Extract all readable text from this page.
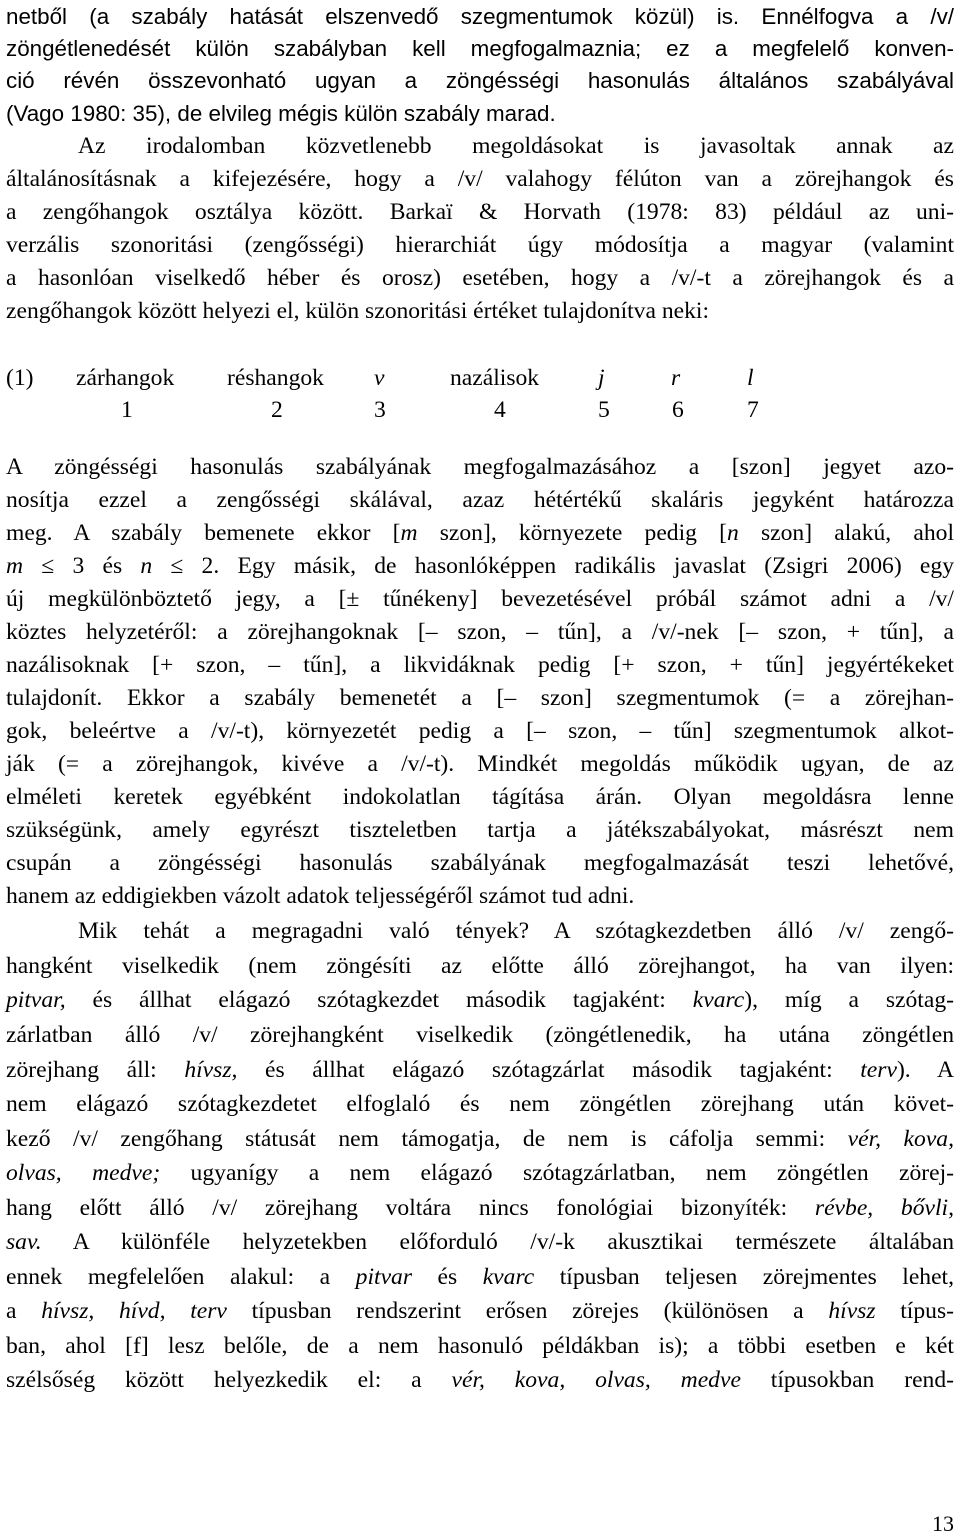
netből (a szabály hatását elszenvedő szegmentumok közül) is. Ennélfogva a /v/
zöngétlenedését külön szabályban kell megfogalmaznia; ez a megfelelő konven-
ció révén összevonható ugyan a zöngésségi hasonulás általános szabályával
(Vago 1980: 35), de elvileg mégis külön szabály marad.
Az irodalomban közvetlenebb megoldásokat is javasoltak annak az
általánosításnak a kifejezésére, hogy a /v/ valahogy félúton van a zörejhangok és
a zengőhangok osztálya között. Barkaï & Horvath (1978: 83) például az uni-
verzális szonoritási (zengősségi) hierarchiát úgy módosítja a magyar (valamint
a hasonlóan viselkedő héber és orosz) esetében, hogy a /v/-t a zörejhangok és a
zengőhangok között helyezi el, külön szonoritási értéket tulajdonítva neki:
(1) zárhangok réshangok v	nazálisok j	r	l
1	2	3	4	5	6	7
A zöngésségi hasonulás szabályának megfogalmazásához a [szon] jegyet azo-
nosítja ezzel a zengősségi skálával, azaz hétértékű skaláris jegyként határozza
meg. A szabály bemenete ekkor [m szon], környezete pedig [n szon] alakú, ahol
m ≤ 3 és n ≤ 2. Egy másik, de hasonlóképpen radikális javaslat (Zsigri 2006) egy
új megkülönböztető jegy, a [± tűnékeny] bevezetésével próbál számot adni a /v/
köztes helyzetéről: a zörejhangoknak [– szon, – tűn], a /v/-nek [– szon, + tűn], a
nazálisoknak [+ szon, – tűn], a likvidáknak pedig [+ szon, + tűn] jegyértékeket
tulajdonít. Ekkor a szabály bemenetét a [– szon] szegmentumok (= a zörejhan-
gok, beleértve a /v/-t), környezetét pedig a [– szon, – tűn] szegmentumok alkot-
ják (= a zörejhangok, kivéve a /v/-t). Mindkét megoldás működik ugyan, de az
elméleti keretek egyébként indokolatlan tágítása árán. Olyan megoldásra lenne
szükségünk, amely egyrészt tiszteletben tartja a játékszabályokat, másrészt nem
csupán a zöngésségi hasonulás szabályának megfogalmazását teszi lehetővé,
hanem az eddigiekben vázolt adatok teljességéről számot tud adni.
Mik tehát a megragadni való tények? A szótagkezdetben álló /v/ zengő-
hangként viselkedik (nem zöngésíti az előtte álló zörejhangot, ha van ilyen:
pitvar, és állhat elágazó szótagkezdet második tagjaként: kvarc), míg a szótag-
zárlatban álló /v/ zörejhangként viselkedik (zöngétlenedik, ha utána zöngétlen
zörejhang áll: hívsz, és állhat elágazó szótagzárlat második tagjaként: terv). A
nem elágazó szótagkezdetet elfoglaló és nem zöngétlen zörejhang után követ-
kező /v/ zengőhang státusát nem támogatja, de nem is cáfolja semmi: vér, kova,
olvas, medve; ugyanígy a nem elágazó szótagzárlatban, nem zöngétlen zörej-
hang előtt álló /v/ zörejhang voltára nincs fonológiai bizonyíték: révbe, bővli,
sav. A különféle helyzetekben előforduló /v/-k akusztikai természete általában
ennek megfelelően alakul: a pitvar és kvarc típusban teljesen zörejmentes lehet,
a hívsz, hívd, terv típusban rendszerint erősen zörejes (különösen a hívsz típus-
ban, ahol [f] lesz belőle, de a nem hasonuló példákban is); a többi esetben e két
szélsőség között helyezkedik el: a vér, kova, olvas, medve típusokban rend-
13
